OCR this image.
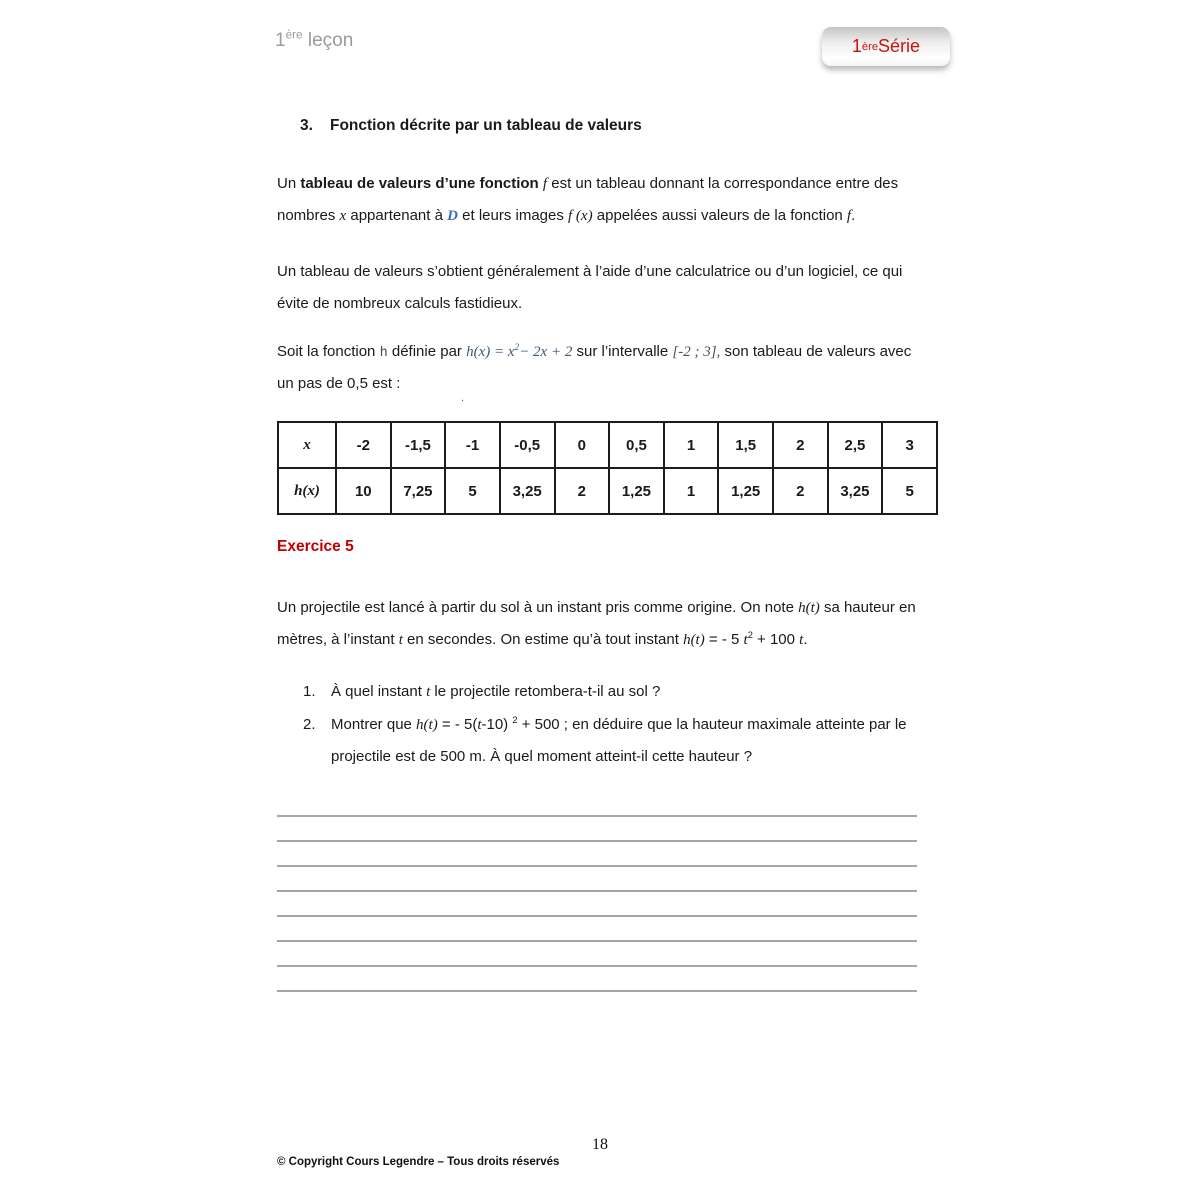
1ère leçon	1 ère Série
3.	Fonction décrite par un tableau de valeurs
Un tableau de valeurs d’une fonction f est un tableau donnant la correspondance entre des nombres x appartenant à D et leurs images f (x) appelées aussi valeurs de la fonction f.
Un tableau de valeurs s’obtient généralement à l’aide d’une calculatrice ou d’un logiciel, ce qui évite de nombreux calculs fastidieux.
Soit la fonction h définie par $h(x) = x^2- 2x + 2$ sur l’intervalle [-2 ; 3], son tableau de valeurs avec un pas de 0,5 est :
.
x	-2	-1,5	-1	-0,5	0	0,5	1	1,5	2	2,5	3
h(x)	10	7,25	5	3,25	2	1,25	1	1,25	2	3,25	5
Exercice 5
Un projectile est lancé à partir du sol à un instant pris comme origine. On note h(t) sa hauteur en mètres, à l’instant t en secondes. On estime qu’à tout instant h(t) = - 5 $t^2 + 100$ t.
1.	À quel instant t le projectile retombera-t-il au sol ?
2.	Montrer que h(t) = - 5(t-10) $^2$ + 500 ; en déduire que la hauteur maximale atteinte par le projectile est de 500 m. À quel moment atteint-il cette hauteur ?
18
© Copyright Cours Legendre – Tous droits réservés
